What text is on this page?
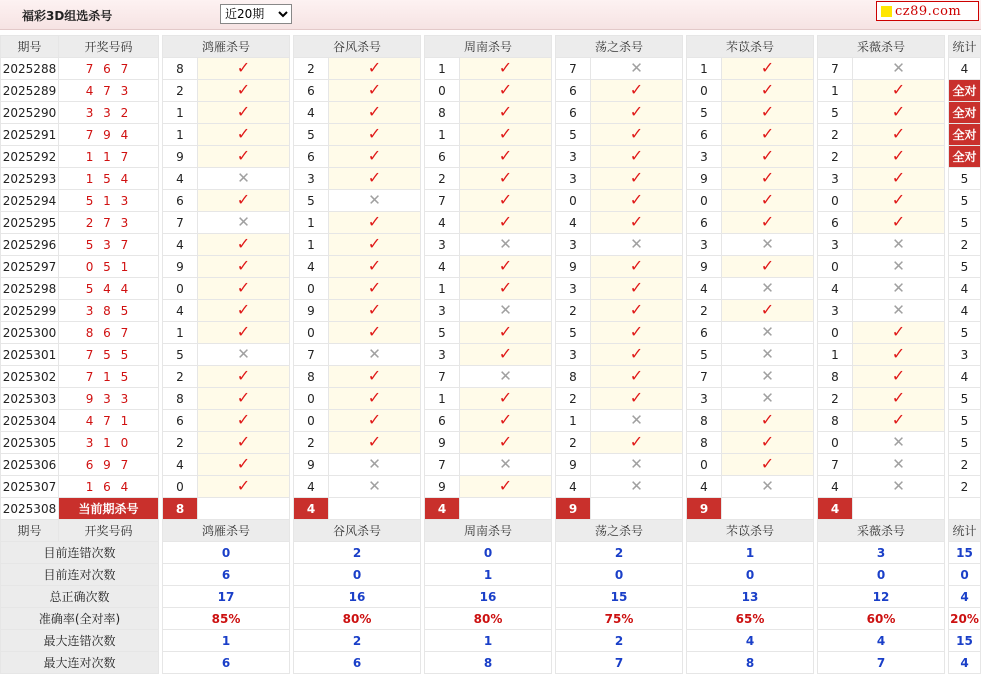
福彩3D组选杀号
近20期	cz89.com
期号	开奖号码		鸿雁杀号			谷风杀号			周南杀号			荡之杀号			芣苡杀号			采薇杀号			统计
2025288	7 6 7		8	✓		2	✓		1	✓		7	✕		1	✓		7	✕		4
2025289	4 7 3		2	✓		6	✓		0	✓		6	✓		0	✓		1	✓		全对
2025290	3 3 2		1	✓		4	✓		8	✓		6	✓		5	✓		5	✓		全对
2025291	7 9 4		1	✓		5	✓		1	✓		5	✓		6	✓		2	✓		全对
2025292	1 1 7		9	✓		6	✓		6	✓		3	✓		3	✓		2	✓		全对
2025293	1 5 4		4	✕		3	✓		2	✓		3	✓		9	✓		3	✓		5
2025294	5 1 3		6	✓		5	✕		7	✓		0	✓		0	✓		0	✓		5
2025295	2 7 3		7	✕		1	✓		4	✓		4	✓		6	✓		6	✓		5
2025296	5 3 7		4	✓		1	✓		3	✕		3	✕		3	✕		3	✕		2
2025297	0 5 1		9	✓		4	✓		4	✓		9	✓		9	✓		0	✕		5
2025298	5 4 4		0	✓		0	✓		1	✓		3	✓		4	✕		4	✕		4
2025299	3 8 5		4	✓		9	✓		3	✕		2	✓		2	✓		3	✕		4
2025300	8 6 7		1	✓		0	✓		5	✓		5	✓		6	✕		0	✓		5
2025301	7 5 5		5	✕		7	✕		3	✓		3	✓		5	✕		1	✓		3
2025302	7 1 5		2	✓		8	✓		7	✕		8	✓		7	✕		8	✓		4
2025303	9 3 3		8	✓		0	✓		1	✓		2	✓		3	✕		2	✓		5
2025304	4 7 1		6	✓		0	✓		6	✓		1	✕		8	✓		8	✓		5
2025305	3 1 0		2	✓		2	✓		9	✓		2	✓		8	✓		0	✕		5
2025306	6 9 7		4	✓		9	✕		7	✕		9	✕		0	✓		7	✕		2
2025307	1 6 4		0	✓		4	✕		9	✓		4	✕		4	✕		4	✕		2
2025308	当前期杀号		8			4			4			9			9			4			
期号	开奖号码		鸿雁杀号			谷风杀号			周南杀号			荡之杀号			芣苡杀号			采薇杀号			统计
目前连错次数			0			2			0			2			1			3			15
目前连对次数			6			0			1			0			0			0			0
总正确次数			17			16			16			15			13			12			4
准确率(全对率)			85%			80%			80%			75%			65%			60%			20%
最大连错次数			1			2			1			2			4			4			15
最大连对次数			6			6			8			7			8			7			4
